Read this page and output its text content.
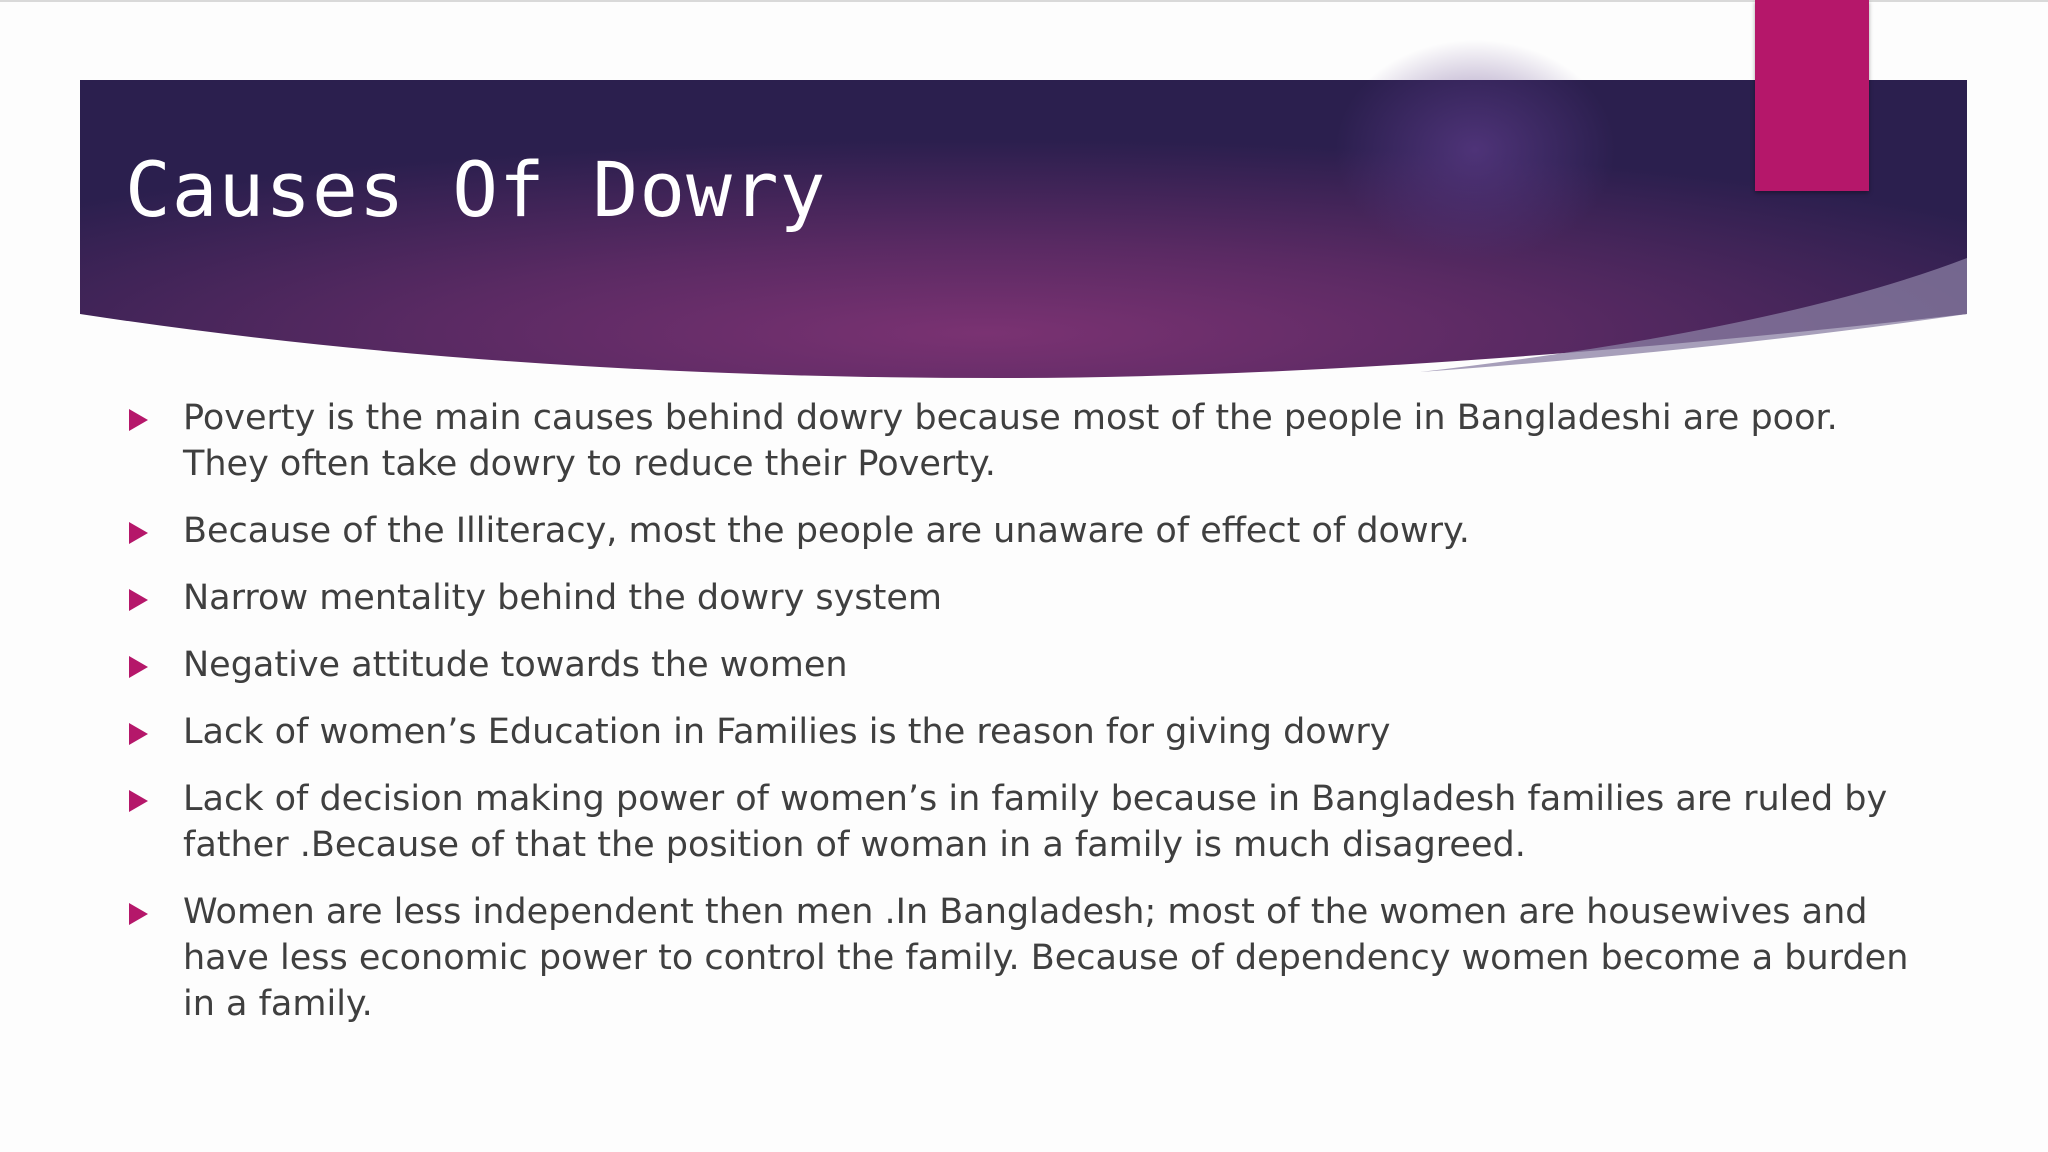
Causes Of Dowry
Poverty is the main causes behind dowry because most of the people in Bangladeshi are poor.
They often take dowry to reduce their Poverty.
Because of the Illiteracy, most the people are unaware of effect of dowry.
Narrow mentality behind the dowry system
Negative attitude towards the women
Lack of women’s Education in Families is the reason for giving dowry
Lack of decision making power of women’s in family because in Bangladesh families are ruled by
father .Because of that the position of woman in a family is much disagreed.
Women are less independent then men .In Bangladesh; most of the women are housewives and
have less economic power to control the family. Because of dependency women become a burden
in a family.
